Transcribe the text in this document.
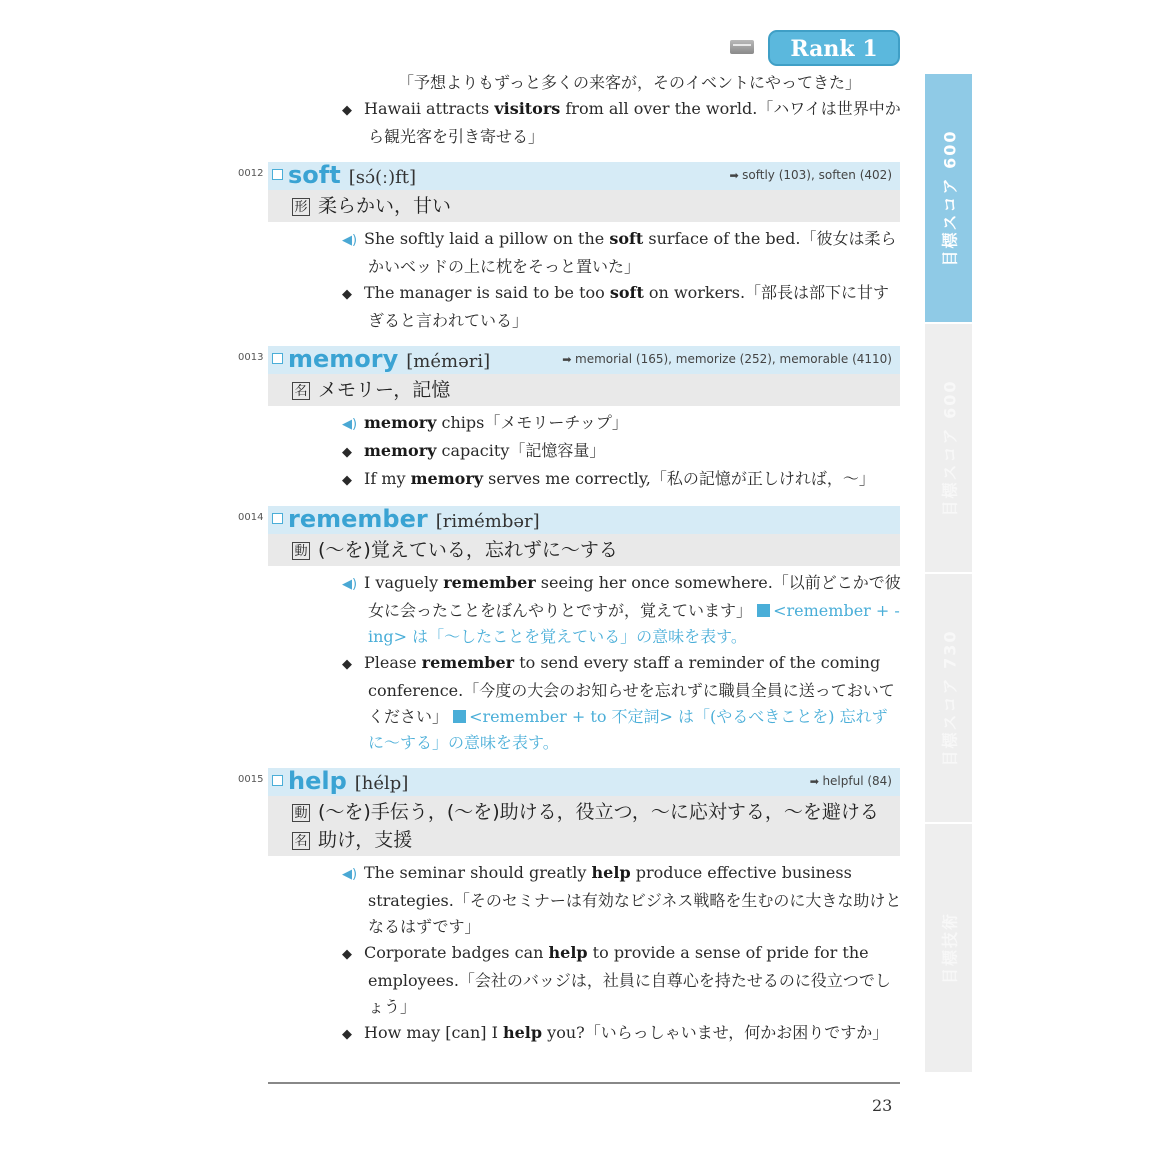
Rank 1
目標スコア 600
目標スコア 600
目標スコア 730
目標技術
「予想よりもずっと多くの来客が，そのイベントにやってきた」
◆ Hawaii attracts visitors from all over the world.「ハワイは世界中から観光客を引き寄せる」
0012 soft [sɔ́(ː)ft]	➡ softly (103), soften (402)
形 柔らかい，甘い
◀) She softly laid a pillow on the soft surface of the bed.「彼女は柔らかいベッドの上に枕をそっと置いた」
◆ The manager is said to be too soft on workers.「部長は部下に甘すぎると言われている」
0013 memory [méməri]	➡ memorial (165), memorize (252), memorable (4110)
名 メモリー，記憶
◀) memory chips「メモリーチップ」
◆ memory capacity「記憶容量」
◆ If my memory serves me correctly,「私の記憶が正しければ，〜」
0014 remember [rimémbər]
動 (〜を)覚えている，忘れずに〜する
◀) I vaguely remember seeing her once somewhere.「以前どこかで彼女に会ったことをぼんやりとですが，覚えています」 <remember + -ing> は「〜したことを覚えている」の意味を表す。
◆ Please remember to send every staff a reminder of the coming conference.「今度の大会のお知らせを忘れずに職員全員に送っておいてください」 <remember + to 不定詞> は「(やるべきことを) 忘れずに〜する」の意味を表す。
0015 help [hélp]	➡ helpful (84)
動 (〜を)手伝う，(〜を)助ける，役立つ，〜に応対する，〜を避ける
名 助け，支援
◀) The seminar should greatly help produce effective business strategies.「そのセミナーは有効なビジネス戦略を生むのに大きな助けとなるはずです」
◆ Corporate badges can help to provide a sense of pride for the employees.「会社のバッジは，社員に自尊心を持たせるのに役立つでしょう」
◆ How may [can] I help you?「いらっしゃいませ，何かお困りですか」
23
